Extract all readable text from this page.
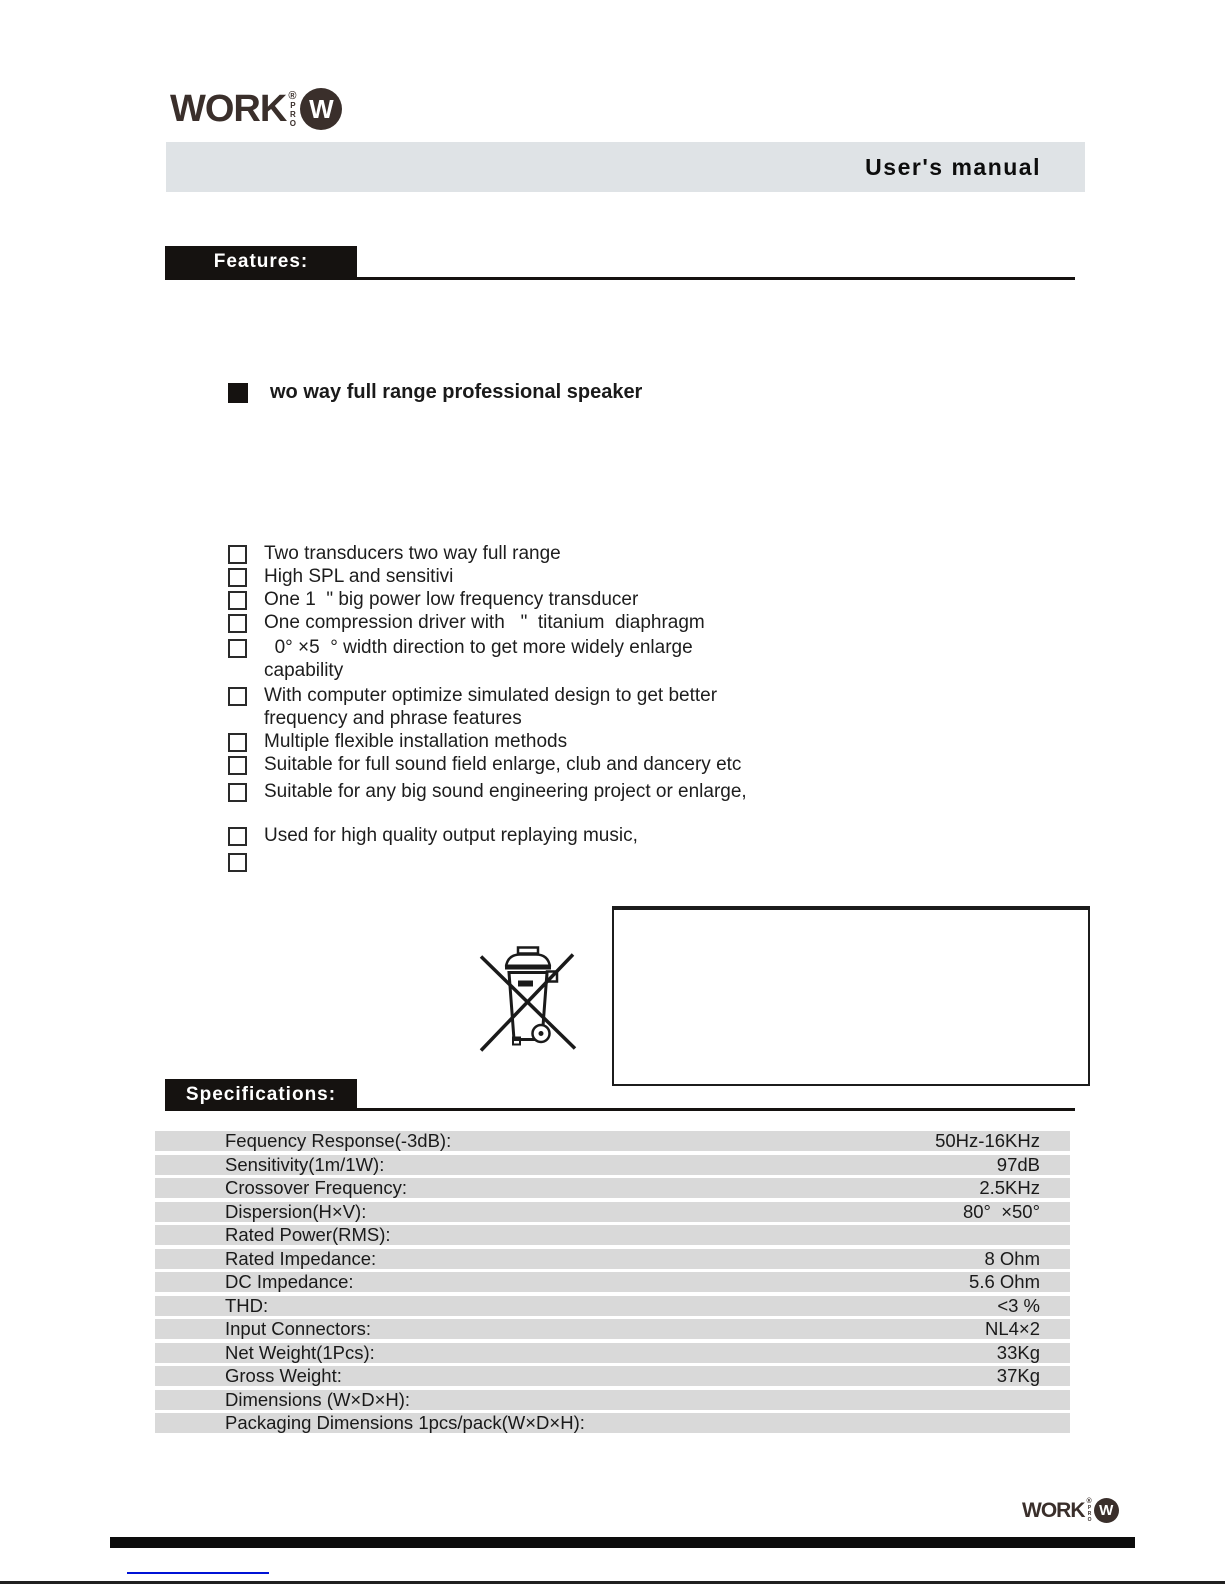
WORK ®
PRO W
User's manual
Features:
wo way full range professional speaker
Two transducers two way full range
High SPL and sensitivi
One 1  " big power low frequency transducer
One compression driver with   "  titanium  diaphragm
0° ×5  ° width direction to get more widely enlarge
capability
With computer optimize simulated design to get better
frequency and phrase features
Multiple flexible installation methods
Suitable for full sound field enlarge, club and dancery etc
Suitable for any big sound engineering project or enlarge,
Used for high quality output replaying music,
Specifications:
Fequency Response(-3dB):	50Hz-16KHz
Sensitivity(1m/1W):	97dB
Crossover Frequency:	2.5KHz
Dispersion(H×V):	80°  ×50°
Rated Power(RMS):
Rated Impedance:	8 Ohm
DC Impedance:	5.6 Ohm
THD:	<3 %
Input Connectors:	NL4×2
Net Weight(1Pcs):	33Kg
Gross Weight:	37Kg
Dimensions (W×D×H):
Packaging Dimensions 1pcs/pack(W×D×H):
WORK ®
PRO W
